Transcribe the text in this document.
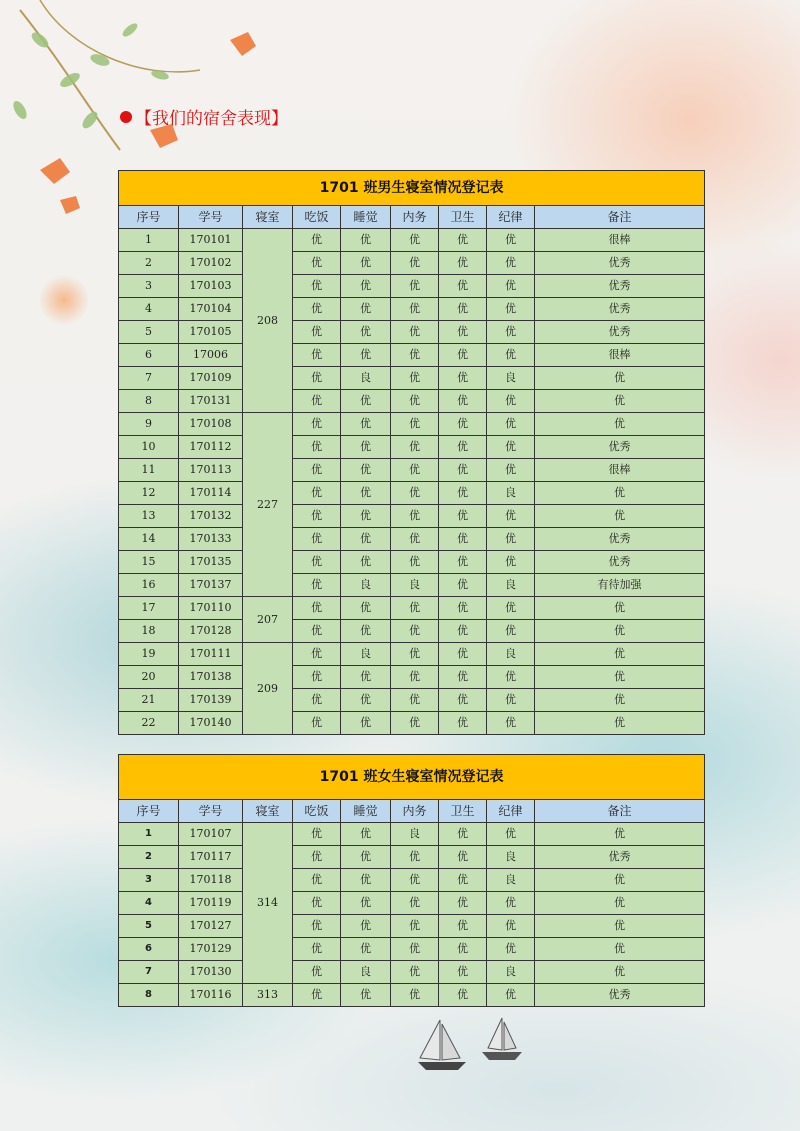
【我们的宿舍表现】
1701 班男生寝室情况登记表								
序号	学号	寝室	吃饭	睡觉	内务	卫生	纪律	备注
1	170101	208	优	优	优	优	优	很棒
2	170102		优	优	优	优	优	优秀
3	170103		优	优	优	优	优	优秀
4	170104		优	优	优	优	优	优秀
5	170105		优	优	优	优	优	优秀
6	17006		优	优	优	优	优	很棒
7	170109		优	良	优	优	良	优
8	170131		优	优	优	优	优	优
9	170108	227	优	优	优	优	优	优
10	170112		优	优	优	优	优	优秀
11	170113		优	优	优	优	优	很棒
12	170114		优	优	优	优	良	优
13	170132		优	优	优	优	优	优
14	170133		优	优	优	优	优	优秀
15	170135		优	优	优	优	优	优秀
16	170137		优	良	良	优	良	有待加强
17	170110	207	优	优	优	优	优	优
18	170128		优	优	优	优	优	优
19	170111	209	优	良	优	优	良	优
20	170138		优	优	优	优	优	优
21	170139		优	优	优	优	优	优
22	170140		优	优	优	优	优	优
1701 班女生寝室情况登记表								
序号	学号	寝室	吃饭	睡觉	内务	卫生	纪律	备注
1	170107	314	优	优	良	优	优	优
2	170117		优	优	优	优	良	优秀
3	170118		优	优	优	优	良	优
4	170119		优	优	优	优	优	优
5	170127		优	优	优	优	优	优
6	170129		优	优	优	优	优	优
7	170130		优	良	优	优	良	优
8	170116	313	优	优	优	优	优	优秀
